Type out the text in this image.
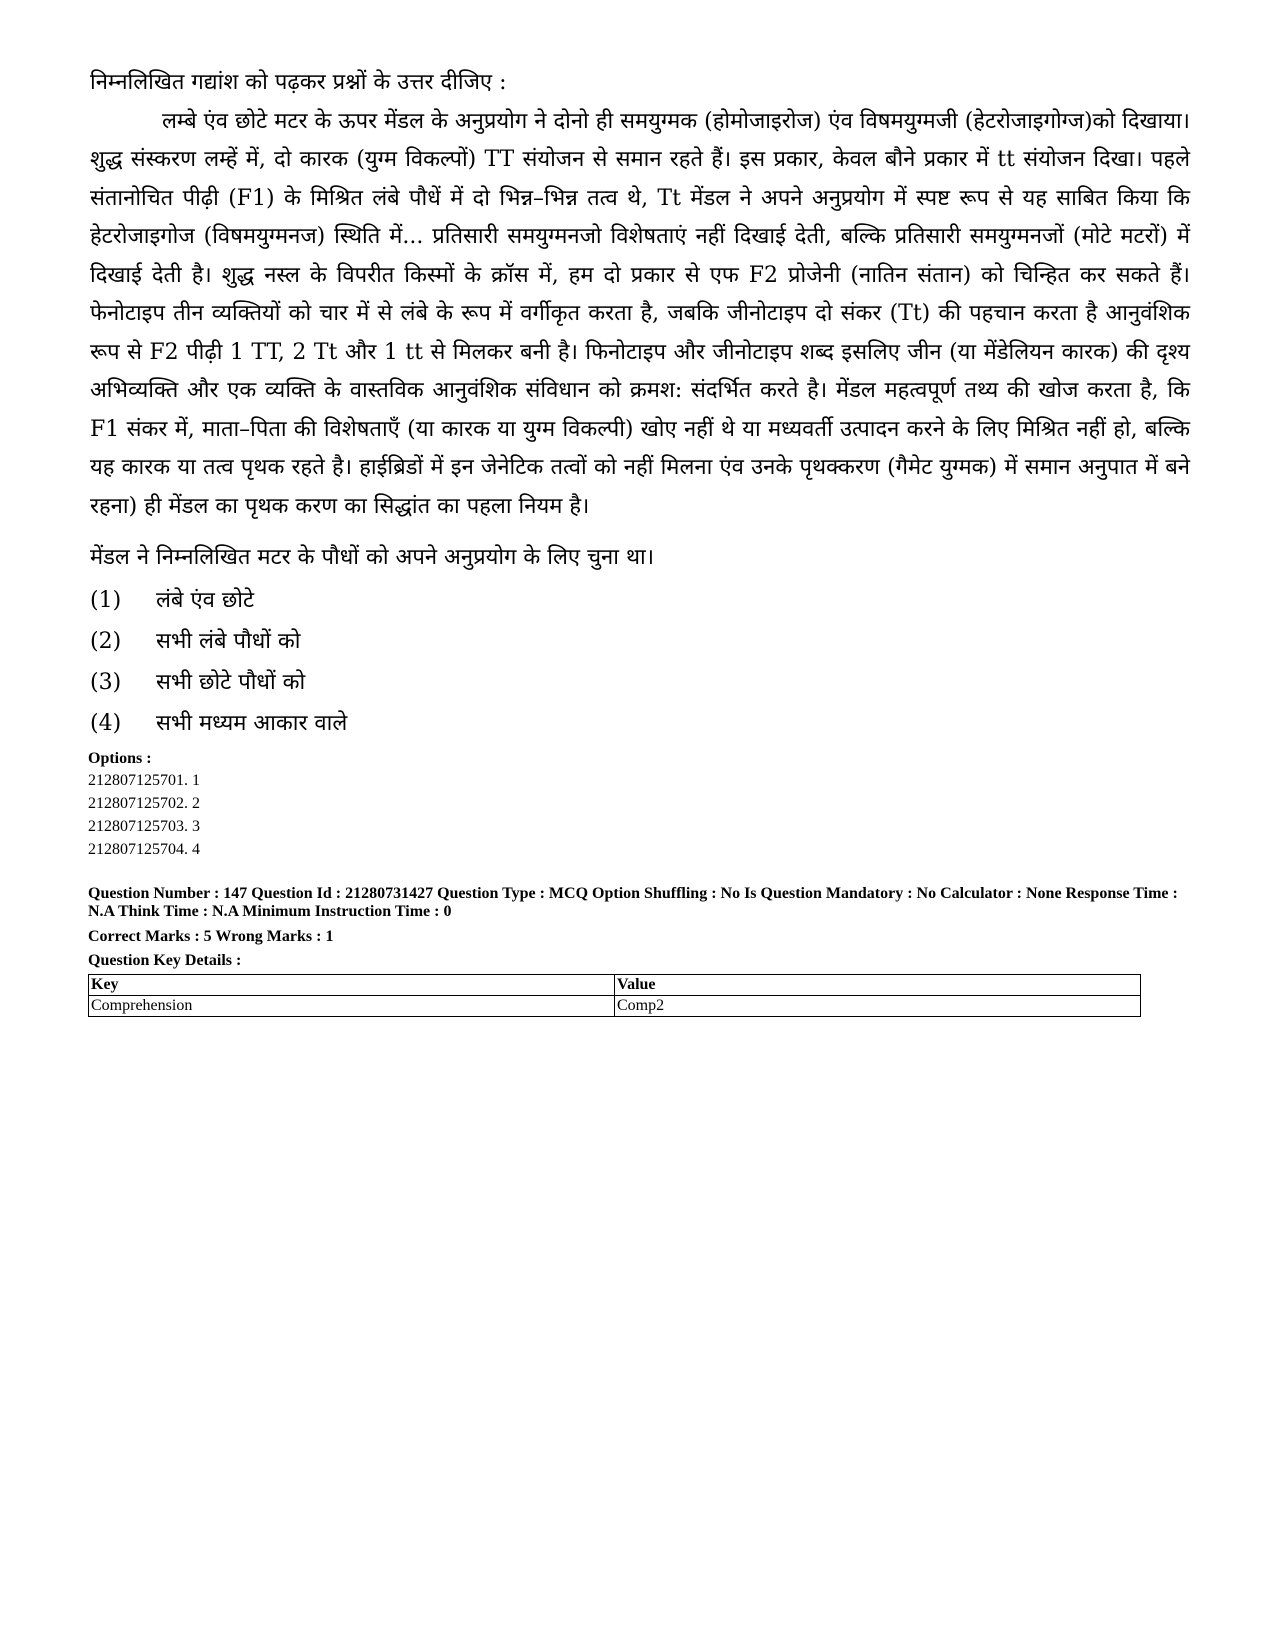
निम्नलिखित गद्यांश को पढ़कर प्रश्नों के उत्तर दीजिए :

लम्बे एंव छोटे मटर के ऊपर मेंडल के अनुप्रयोग ने दोनो ही समयुग्मक (होमोजाइरोज) एंव विषमयुग्मजी (हेटरोजाइगोग्ज)को दिखाया। शुद्ध संस्करण लम्हें में, दो कारक (युग्म विकल्पों) TT संयोजन से समान रहते हैं। इस प्रकार, केवल बौने प्रकार में tt संयोजन दिखा। पहले संतानोचित पीढ़ी (F1) के मिश्रित लंबे पौधें में दो भिन्न–भिन्न तत्व थे, Tt मेंडल ने अपने अनुप्रयोग में स्पष्ट रूप से यह साबित किया कि हेटरोजाइगोज (विषमयुग्मनज) स्थिति में... प्रतिसारी समयुग्मनजो विशेषताएं नहीं दिखाई देती, बल्कि प्रतिसारी समयुग्मनजों (मोटे मटरों) में दिखाई देती है। शुद्ध नस्ल के विपरीत किस्मों के क्रॉस में, हम दो प्रकार से एफ F2 प्रोजेनी (नातिन संतान) को चिन्हित कर सकते हैं। फेनोटाइप तीन व्यक्तियों को चार में से लंबे के रूप में वर्गीकृत करता है, जबकि जीनोटाइप दो संकर (Tt) की पहचान करता है आनुवंशिक रूप से F2 पीढ़ी 1 TT, 2 Tt और 1 tt से मिलकर बनी है। फिनोटाइप और जीनोटाइप शब्द इसलिए जीन (या मेंडेलियन कारक) की दृश्य अभिव्यक्ति और एक व्यक्ति के वास्तविक आनुवंशिक संविधान को क्रमश: संदर्भित करते है। मेंडल महत्वपूर्ण तथ्य की खोज करता है, कि F1 संकर में, माता–पिता की विशेषताएँ (या कारक या युग्म विकल्पी) खोए नहीं थे या मध्यवर्ती उत्पादन करने के लिए मिश्रित नहीं हो, बल्कि यह कारक या तत्व पृथक रहते है। हाईब्रिडों में इन जेनेटिक तत्वों को नहीं मिलना एंव उनके पृथक्करण (गैमेट युग्मक) में समान अनुपात में बने रहना) ही मेंडल का पृथक करण का सिद्धांत का पहला नियम है।

मेंडल ने निम्नलिखित मटर के पौधों को अपने अनुप्रयोग के लिए चुना था।

(1)	लंबे एंव छोटे
(2)	सभी लंबे पौधों को
(3)	सभी छोटे पौधों को
(4)	सभी मध्यम आकार वाले
Options :
212807125701. 1
212807125702. 2
212807125703. 3
212807125704. 4
Question Number : 147 Question Id : 21280731427 Question Type : MCQ Option Shuffling : No Is Question Mandatory : No Calculator : None Response Time : N.A Think Time : N.A Minimum Instruction Time : 0
Correct Marks : 5 Wrong Marks : 1
Question Key Details :
Key	Value
Comprehension	Comp2
